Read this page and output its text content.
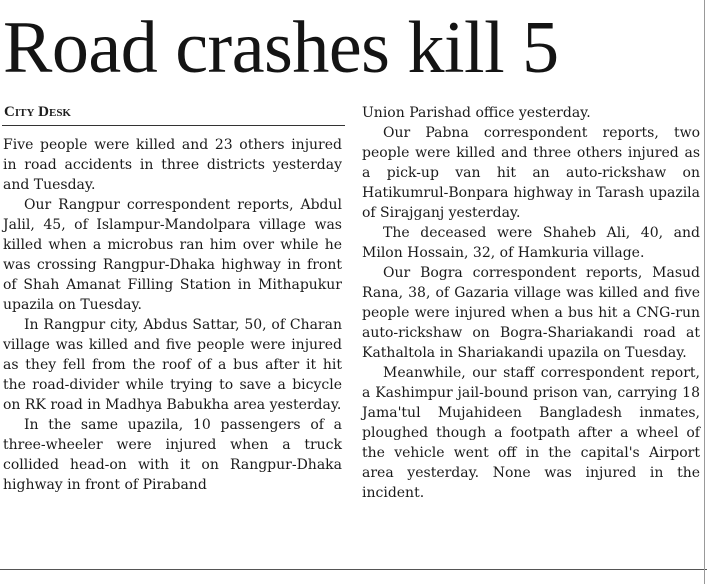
Road crashes kill 5
City Desk

Five people were killed and 23 others injured in road accidents in three districts yesterday and Tuesday.

Our Rangpur correspondent reports, Abdul Jalil, 45, of Islampur-Mandolpara village was killed when a microbus ran him over while he was crossing Rangpur-Dhaka highway in front of Shah Amanat Filling Station in Mithapukur upazila on Tuesday.

In Rangpur city, Abdus Sattar, 50, of Charan village was killed and five people were injured as they fell from the roof of a bus after it hit the road-divider while trying to save a bicycle on RK road in Madhya Babukha area yesterday.

In the same upazila, 10 passengers of a three-wheeler were injured when a truck collided head-on with it on Rangpur-Dhaka highway in front of Piraband

Union Parishad office yesterday.

Our Pabna correspondent reports, two people were killed and three others injured as a pick-up van hit an auto-rickshaw on Hatikumrul-Bonpara highway in Tarash upazila of Sirajganj yesterday.

The deceased were Shaheb Ali, 40, and Milon Hossain, 32, of Hamkuria village.

Our Bogra correspondent reports, Masud Rana, 38, of Gazaria village was killed and five people were injured when a bus hit a CNG-run auto-rickshaw on Bogra-Shariakandi road at Kathaltola in Shariakandi upazila on Tuesday.

Meanwhile, our staff correspondent report, a Kashimpur jail-bound prison van, carrying 18 Jama'tul Mujahideen Bangladesh inmates, ploughed though a footpath after a wheel of the vehicle went off in the capital's Airport area yesterday. None was injured in the incident.
